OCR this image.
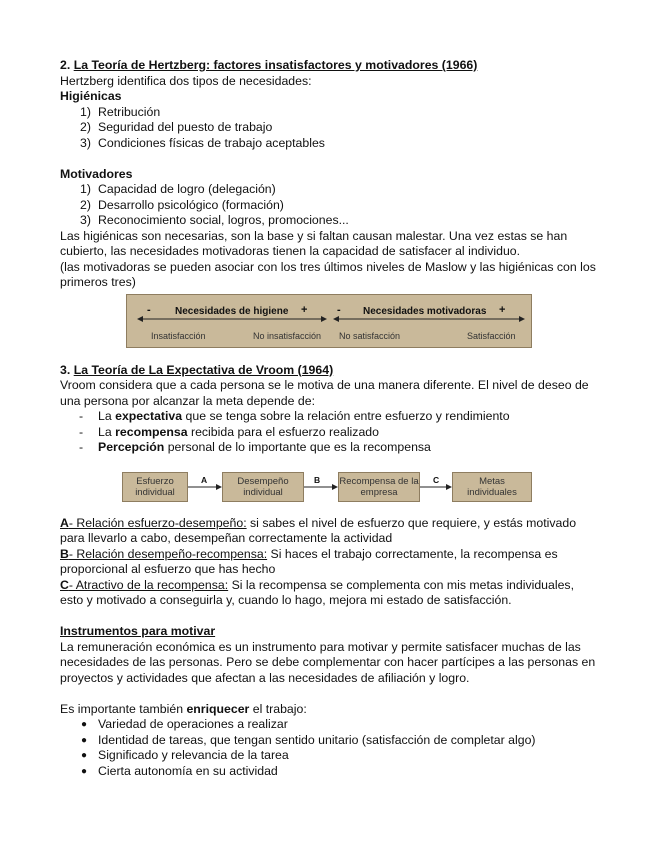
2. La Teoría de Hertzberg: factores insatisfactores y motivadores (1966)

Hertzberg identifica dos tipos de necesidades:

Higiénicas

1) Retribución
2) Seguridad del puesto de trabajo
3) Condiciones físicas de trabajo aceptables

Motivadores

1) Capacidad de logro (delegación)
2) Desarrollo psicológico (formación)
3) Reconocimiento social, logros, promociones...

Las higiénicas son necesarias, son la base y si faltan causan malestar. Una vez estas se han cubierto, las necesidades motivadoras tienen la capacidad de satisfacer al individuo.

(las motivadoras se pueden asociar con los tres últimos niveles de Maslow y las higiénicas con los primeros tres)

- Necesidades de higiene +	- Necesidades motivadoras +
Insatisfacción	No insatisfacción No satisfacción	Satisfacción

3. La Teoría de La Expectativa de Vroom (1964)

Vroom considera que a cada persona se le motiva de una manera diferente. El nivel de deseo de una persona por alcanzar la meta depende de:

- La expectativa que se tenga sobre la relación entre esfuerzo y rendimiento
- La recompensa recibida para el esfuerzo realizado
- Percepción personal de lo importante que es la recompensa
Esfuerzo individual
A	Desempeño individual
B Recompensa de la empresa
C	Metas individuales

A- Relación esfuerzo-desempeño: si sabes el nivel de esfuerzo que requiere, y estás motivado para llevarlo a cabo, desempeñan correctamente la actividad

B- Relación desempeño-recompensa: Si haces el trabajo correctamente, la recompensa es proporcional al esfuerzo que has hecho

C- Atractivo de la recompensa: Si la recompensa se complementa con mis metas individuales, esto y motivado a conseguirla y, cuando lo hago, mejora mi estado de satisfacción.

Instrumentos para motivar

La remuneración económica es un instrumento para motivar y permite satisfacer muchas de las necesidades de las personas. Pero se debe complementar con hacer partícipes a las personas en proyectos y actividades que afectan a las necesidades de afiliación y logro.

Es importante también enriquecer el trabajo:

● Variedad de operaciones a realizar
● Identidad de tareas, que tengan sentido unitario (satisfacción de completar algo)
● Significado y relevancia de la tarea
● Cierta autonomía en su actividad
